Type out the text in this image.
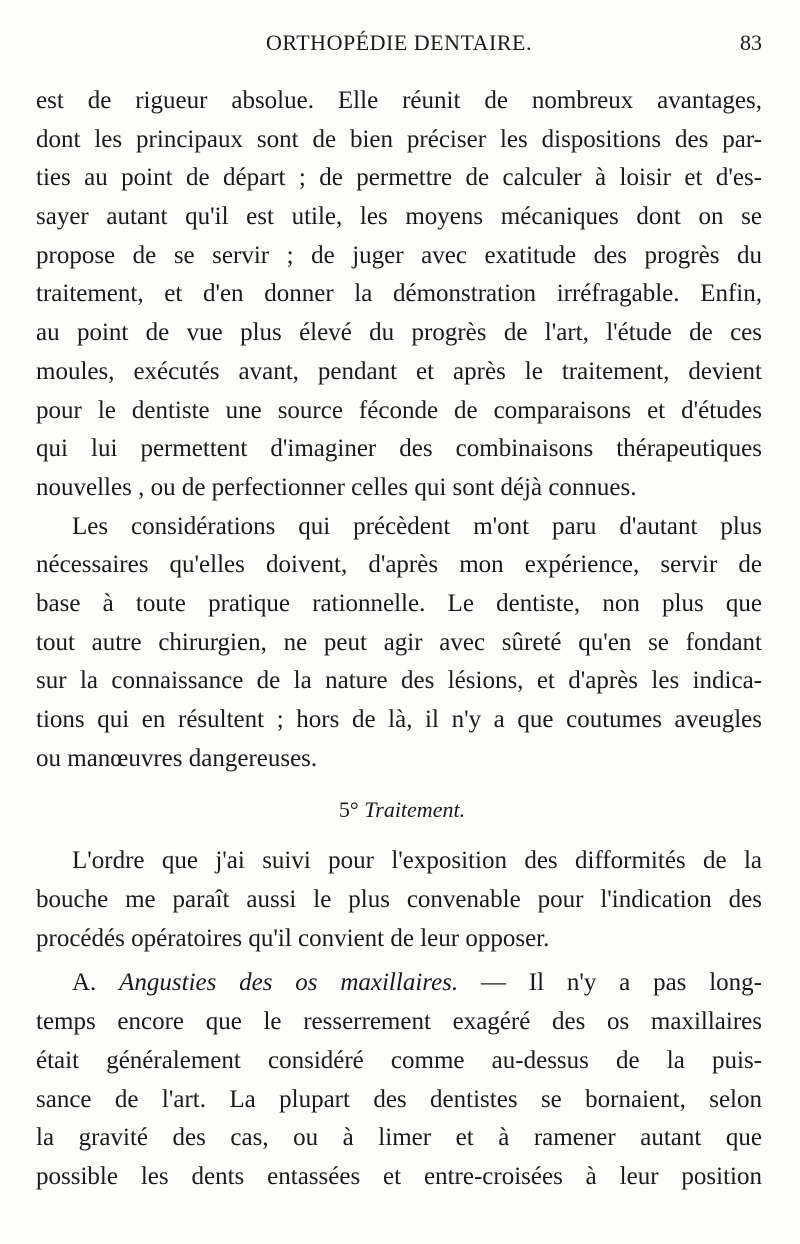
ORTHOPÉDIE DENTAIRE.	83
est de rigueur absolue. Elle réunit de nombreux avantages,
dont les principaux sont de bien préciser les dispositions des par-
ties au point de départ ; de permettre de calculer à loisir et d'es-
sayer autant qu'il est utile, les moyens mécaniques dont on se
propose de se servir ; de juger avec exatitude des progrès du
traitement, et d'en donner la démonstration irréfragable. Enfin,
au point de vue plus élevé du progrès de l'art, l'étude de ces
moules, exécutés avant, pendant et après le traitement, devient
pour le dentiste une source féconde de comparaisons et d'études
qui lui permettent d'imaginer des combinaisons thérapeutiques
nouvelles , ou de perfectionner celles qui sont déjà connues.
Les considérations qui précèdent m'ont paru d'autant plus
nécessaires qu'elles doivent, d'après mon expérience, servir de
base à toute pratique rationnelle. Le dentiste, non plus que
tout autre chirurgien, ne peut agir avec sûreté qu'en se fondant
sur la connaissance de la nature des lésions, et d'après les indica-
tions qui en résultent ; hors de là, il n'y a que coutumes aveugles
ou manœuvres dangereuses.
5° Traitement.
L'ordre que j'ai suivi pour l'exposition des difformités de la
bouche me paraît aussi le plus convenable pour l'indication des
procédés opératoires qu'il convient de leur opposer.
A. Angusties des os maxillaires. — Il n'y a pas long-
temps encore que le resserrement exagéré des os maxillaires
était généralement considéré comme au-dessus de la puis-
sance de l'art. La plupart des dentistes se bornaient, selon
la gravité des cas, ou à limer et à ramener autant que
possible les dents entassées et entre-croisées à leur position
